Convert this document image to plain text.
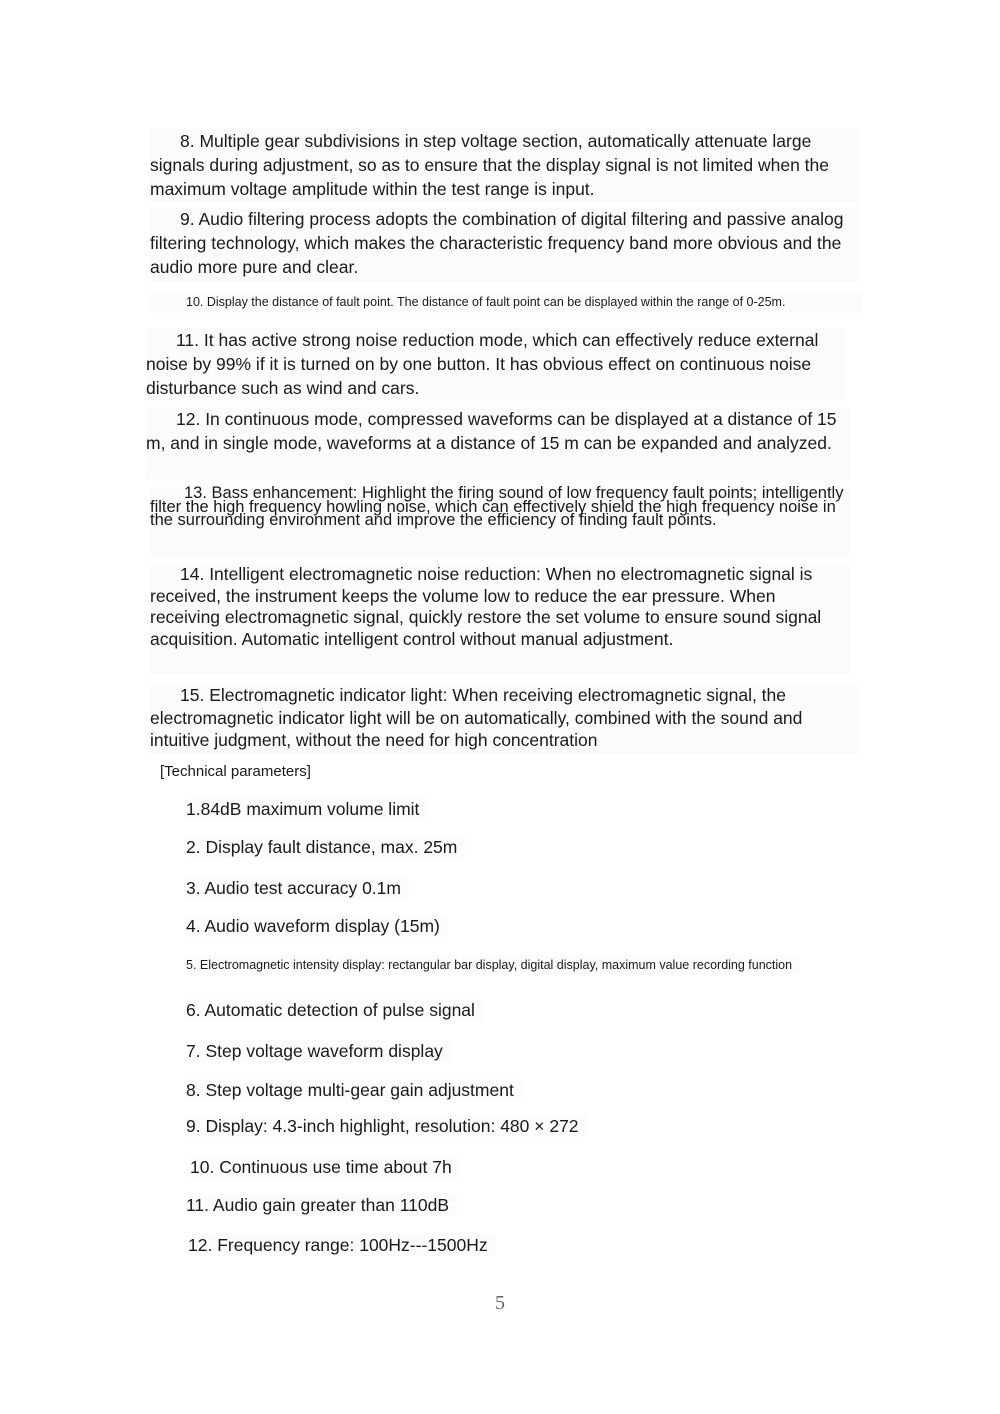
8. Multiple gear subdivisions in step voltage section, automatically attenuate large signals during adjustment, so as to ensure that the display signal is not limited when the maximum voltage amplitude within the test range is input.

9. Audio filtering process adopts the combination of digital filtering and passive analog filtering technology, which makes the characteristic frequency band more obvious and the audio more pure and clear.

10. Display the distance of fault point. The distance of fault point can be displayed within the range of 0-25m.

11. It has active strong noise reduction mode, which can effectively reduce external noise by 99% if it is turned on by one button. It has obvious effect on continuous noise disturbance such as wind and cars.

12. In continuous mode, compressed waveforms can be displayed at a distance of 15 m, and in single mode, waveforms at a distance of 15 m can be expanded and analyzed.

13. Bass enhancement: Highlight the firing sound of low frequency fault points; intelligently filter the high frequency howling noise, which can effectively shield the high frequency noise in the surrounding environment and improve the efficiency of finding fault points.

14. Intelligent electromagnetic noise reduction: When no electromagnetic signal is received, the instrument keeps the volume low to reduce the ear pressure. When receiving electromagnetic signal, quickly restore the set volume to ensure sound signal acquisition. Automatic intelligent control without manual adjustment.

15. Electromagnetic indicator light: When receiving electromagnetic signal, the electromagnetic indicator light will be on automatically, combined with the sound and intuitive judgment, without the need for high concentration

[Technical parameters]

1.84dB maximum volume limit

2. Display fault distance, max. 25m

3. Audio test accuracy 0.1m

4. Audio waveform display (15m)

5. Electromagnetic intensity display: rectangular bar display, digital display, maximum value recording function

6. Automatic detection of pulse signal

7. Step voltage waveform display

8. Step voltage multi-gear gain adjustment

9. Display: 4.3-inch highlight, resolution: 480 × 272

10. Continuous use time about 7h

11. Audio gain greater than 110dB

12. Frequency range: 100Hz---1500Hz

5
